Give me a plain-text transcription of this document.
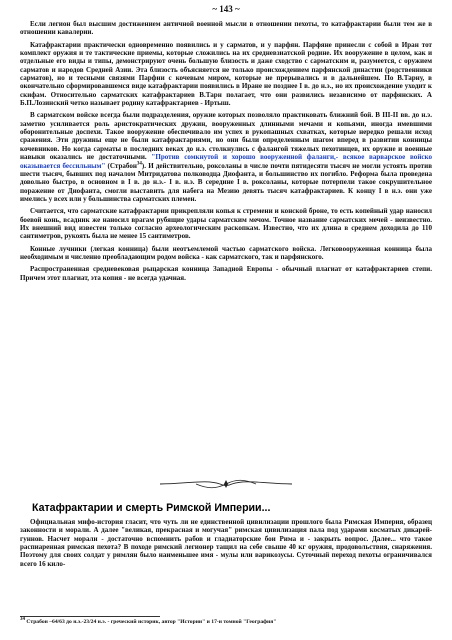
~ 143 ~

Если легион был высшим достижением античной военной мысли в отношении пехоты, то катафрактарии были тем же в отношении кавалерии.

Катафрактарии практически одновременно появились и у сарматов, и у парфян. Парфяне принесли с собой в Иран тот комплект оружия и те тактические приемы, которые сложились на их средневзиатской родине. Их вооружение в целом, как и отдельные его виды и типы, демонстрируют очень большую близость и даже сходство с сарматским и, разумеется, с оружием сарматов и народов Средней Азии. Эта близость объясняется не только происхождением парфянской династии (родственники сарматов), но и тесными связями Парфии с кочевым миром, которые не прерывались и в дальнейшем. По В.Тарну, в окончательно сформировавшемся виде катафрактарии появились в Иране не позднее I в. до н.э., но их происхождение уходит к скифам. Относительно сарматских катафрактариев В.Тарн полагает, что они развились независимо от парфянских. А Б.П.Лозинский четко называет родину катафрактариев - Иртыш.

В сарматском войске всегда были подразделения, оружие которых позволяло практиковать ближний бой. В III-II вв. до н.э. заметно усиливается роль аристократических дружин, вооруженных длинными мечами и копьями, иногда имевшими оборонительные доспехи. Такое вооружение обеспечивало им успех в рукопашных схватках, которые нередко решали исход сражения. Эти дружины еще не были катафрактариями, но они были определенным шагом вперед в развитии конницы кочевников. Но когда сарматы в последних веках до н.э. столкнулись с фалангой тяжелых пехотинцев, их оружие и военные навыки оказались не достаточными. "Против сомкнутой и хорошо вооруженной фаланги,- всякое варварское войско оказывается бессильным" (Страбон$^{34}$). И действительно, роксоланы в числе почти пятидесяти тысяч не могли устоять против шести тысяч, бывших под началом Митридатова полководца Диофанта, и большинство их погибло. Реформа была проведена довольно быстро, в основном в I в. до н.э.- I в. н.э. В середине I в. роксоланы, которые потерпели такое сокрушительное поражение от Диофанта, смогли выставить для набега на Мезию девять тысяч катафрактариев. К концу I в н.э. они уже имелись у всех или у большинства сарматских племен.

Считается, что сарматские катафрактарии прикрепляли копья к стремени и конской броне, то есть копейный удар наносил боевой конь, всадник же наносил врагам рубящие удары сарматским мечом. Точное название сарматских мечей - неизвестно. Их внешний вид известен только согласно археологическим раскопкам. Известно, что их длина в среднем доходила до 110 сантиметров, рукоять была не менее 15 сантиметров.

Конные лучники (легкая конница) были неотъемлемой частью сарматского войска. Легковооруженная конница была необходимым и численно преобладающим родом войска - как сарматского, так и парфянского.

Распространенная средневековая рыцарская конница Западной Европы - обычный плагиат от катафрактариев степи. Причем этот плагиат, эта копия - не всегда удачная.

Катафрактарии и смерть Римской Империи...

Официальная мифо-история гласит, что чуть ли не единственной цивилизации прошлого была Римская Империя, образец законности и морали. А далее "великая, прекрасная и могучая" римская цивилизация пала под ударами косматых дикарей-гуннов. Насчет морали - достаточно вспомнить рабов и гладиаторские бои Рима и - закрыть вопрос. Далее... что такое распиаренная римская пехота? В походе римский легионер тащил на себе свыше 40 кг оружия, продовольствия, снаряжения. Поэтому для своих солдат у римлян было наименьшее имя - мулы или варикозусы. Суточный переход пехоты ограничивался всего 16 кило-

$^{34}$ Страбон –64/63 до н.э.-23/24 н.э. - греческий историк, автор "Истории" и 17-и томной "География"
